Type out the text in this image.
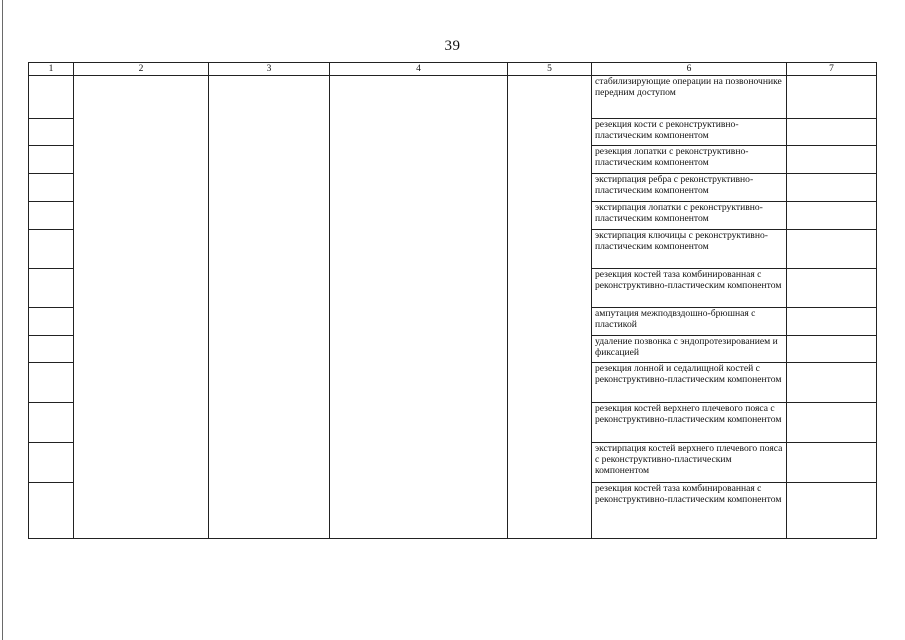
39
1	2	3	4	5	6	7
					стабилизирующие операции на позвоночнике передним доступом	
					резекция кости с реконструктивно-пластическим компонентом	
					резекция лопатки с реконструктивно-пластическим компонентом	
					экстирпация ребра с реконструктивно-пластическим компонентом	
					экстирпация лопатки с реконструктивно-пластическим компонентом	
					экстирпация ключицы с реконструктивно-пластическим компонентом	
					резекция костей таза комбинированная с реконструктивно-пластическим компонентом	
					ампутация межподвздошно-брюшная с пластикой	
					удаление позвонка с эндопротезированием и фиксацией	
					резекция лонной и седалищной костей с реконструктивно-пластическим компонентом	
					резекция костей верхнего плечевого пояса с реконструктивно-пластическим компонентом	
					экстирпация костей верхнего плечевого пояса с реконструктивно-пластическим компонентом	
					резекция костей таза комбинированная с реконструктивно-пластическим компонентом	
